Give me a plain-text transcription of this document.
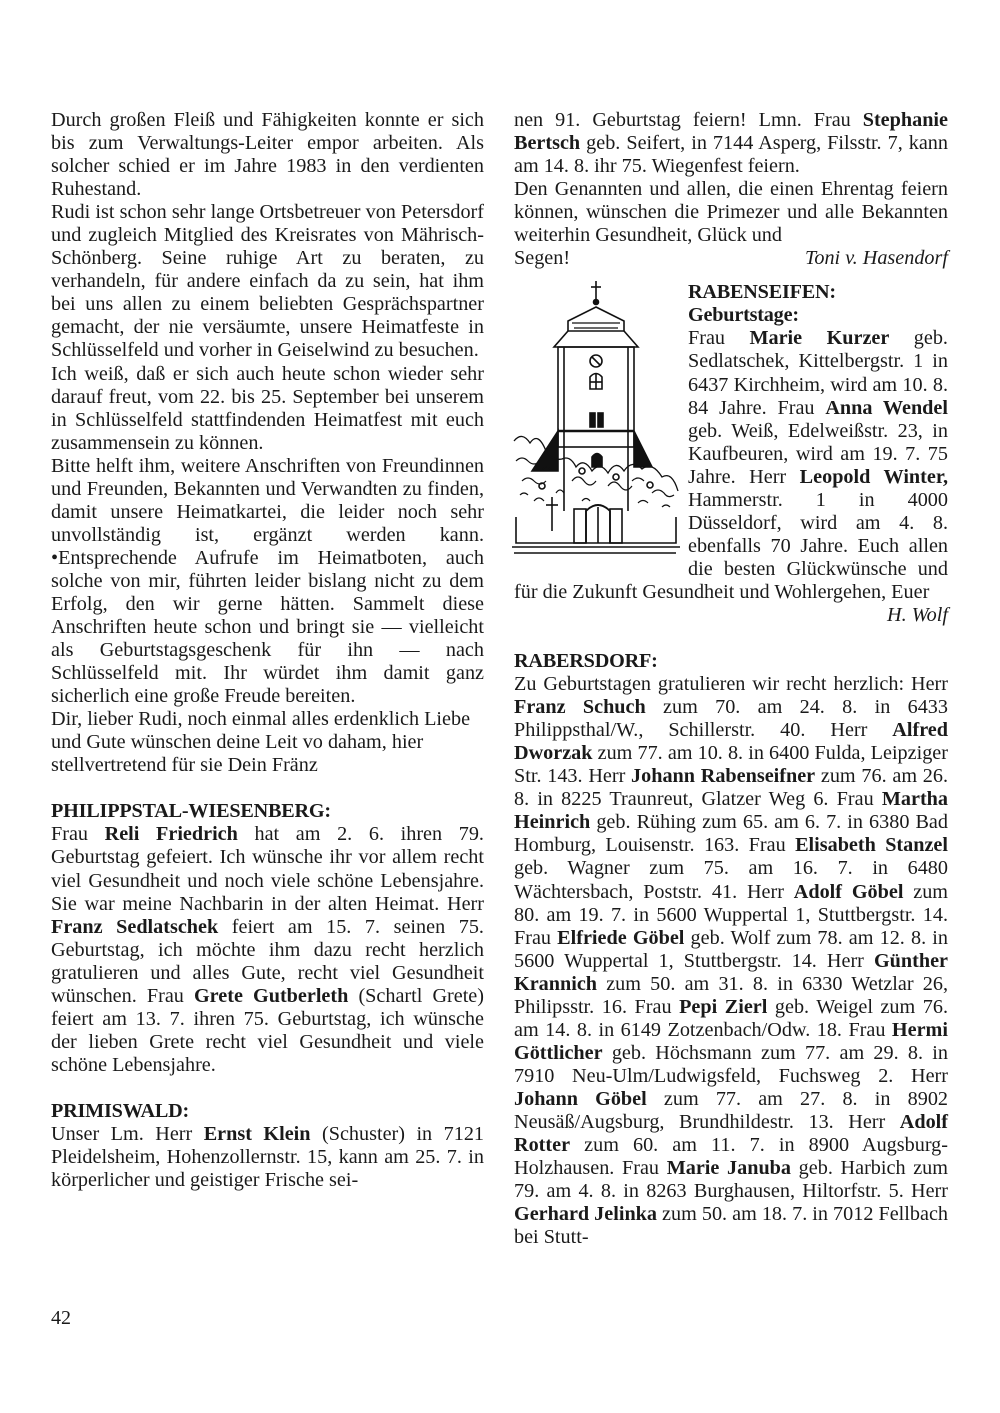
Durch großen Fleiß und Fähigkeiten konnte er sich bis zum Verwaltungs-Leiter empor arbeiten. Als solcher schied er im Jahre 1983 in den verdienten Ruhestand.

Rudi ist schon sehr lange Ortsbetreuer von Petersdorf und zugleich Mitglied des Kreisrates von Mährisch-Schönberg. Seine ruhige Art zu beraten, zu verhandeln, für andere einfach da zu sein, hat ihm bei uns allen zu einem beliebten Gesprächspartner gemacht, der nie versäumte, unsere Heimatfeste in Schlüsselfeld und vorher in Geiselwind zu besuchen.

Ich weiß, daß er sich auch heute schon wieder sehr darauf freut, vom 22. bis 25. September bei unserem in Schlüsselfeld stattfindenden Heimatfest mit euch zusammensein zu können.

Bitte helft ihm, weitere Anschriften von Freundinnen und Freunden, Bekannten und Verwandten zu finden, damit unsere Heimatkartei, die leider noch sehr unvollständig ist, ergänzt werden kann. •Entsprechende Aufrufe im Heimatboten, auch solche von mir, führten leider bislang nicht zu dem Erfolg, den wir gerne hätten. Sammelt diese Anschriften heute schon und bringt sie — vielleicht als Geburtstagsgeschenk für ihn — nach Schlüsselfeld mit. Ihr würdet ihm damit ganz sicherlich eine große Freude bereiten.

Dir, lieber Rudi, noch einmal alles erdenklich Liebe und Gute wünschen deine Leit vo daham, hier stellvertretend für sie Dein Fränz

PHILIPPSTAL-WIESENBERG:

Frau Reli Friedrich hat am 2. 6. ihren 79. Geburtstag gefeiert. Ich wünsche ihr vor allem recht viel Gesundheit und noch viele schöne Lebensjahre. Sie war meine Nachbarin in der alten Heimat. Herr Franz Sedlatschek feiert am 15. 7. seinen 75. Geburtstag, ich möchte ihm dazu recht herzlich gratulieren und alles Gute, recht viel Gesundheit wünschen. Frau Grete Gutberleth (Schartl Grete) feiert am 13. 7. ihren 75. Geburtstag, ich wünsche der lieben Grete recht viel Gesundheit und viele schöne Lebensjahre.

PRIMISWALD:

Unser Lm. Herr Ernst Klein (Schuster) in 7121 Pleidelsheim, Hohenzollernstr. 15, kann am 25. 7. in körperlicher und geistiger Frische sei-

nen 91. Geburtstag feiern! Lmn. Frau Stephanie Bertsch geb. Seifert, in 7144 Asperg, Filsstr. 7, kann am 14. 8. ihr 75. Wiegenfest feiern.

Den Genannten und allen, die einen Ehrentag feiern können, wünschen die Primezer und alle Bekannten weiterhin Gesundheit, Glück und

Segen!	Toni v. Hasendorf
RABENSEIFEN:
Geburtstage:

Frau Marie Kurzer geb. Sedlatschek, Kittelbergstr. 1 in 6437 Kirchheim, wird am 10. 8. 84 Jahre. Frau Anna Wendel geb. Weiß, Edelweißstr. 23, in Kaufbeuren, wird am 19. 7. 75 Jahre. Herr Leopold Winter, Hammerstr. 1 in 4000 Düsseldorf, wird am 4. 8. ebenfalls 70 Jahre. Euch allen die besten Glückwünsche und für die Zukunft Gesundheit und Wohlergehen, Euer
H. Wolf

RABERSDORF:

Zu Geburtstagen gratulieren wir recht herzlich: Herr Franz Schuch zum 70. am 24. 8. in 6433 Philippsthal/W., Schillerstr. 40. Herr Alfred Dworzak zum 77. am 10. 8. in 6400 Fulda, Leipziger Str. 143. Herr Johann Rabenseifner zum 76. am 26. 8. in 8225 Traunreut, Glatzer Weg 6. Frau Martha Heinrich geb. Rühing zum 65. am 6. 7. in 6380 Bad Homburg, Louisenstr. 163. Frau Elisabeth Stanzel geb. Wagner zum 75. am 16. 7. in 6480 Wächtersbach, Poststr. 41. Herr Adolf Göbel zum 80. am 19. 7. in 5600 Wuppertal 1, Stuttbergstr. 14. Frau Elfriede Göbel geb. Wolf zum 78. am 12. 8. in 5600 Wuppertal 1, Stuttbergstr. 14. Herr Günther Krannich zum 50. am 31. 8. in 6330 Wetzlar 26, Philipsstr. 16. Frau Pepi Zierl geb. Weigel zum 76. am 14. 8. in 6149 Zotzenbach/Odw. 18. Frau Hermi Göttlicher geb. Höchsmann zum 77. am 29. 8. in 7910 Neu-Ulm/Ludwigsfeld, Fuchsweg 2. Herr Johann Göbel zum 77. am 27. 8. in 8902 Neusäß/Augsburg, Brundhildestr. 13. Herr Adolf Rotter zum 60. am 11. 7. in 8900 Augsburg-Holzhausen. Frau Marie Januba geb. Harbich zum 79. am 4. 8. in 8263 Burghausen, Hiltorfstr. 5. Herr Gerhard Jelinka zum 50. am 18. 7. in 7012 Fellbach bei Stutt-

42
